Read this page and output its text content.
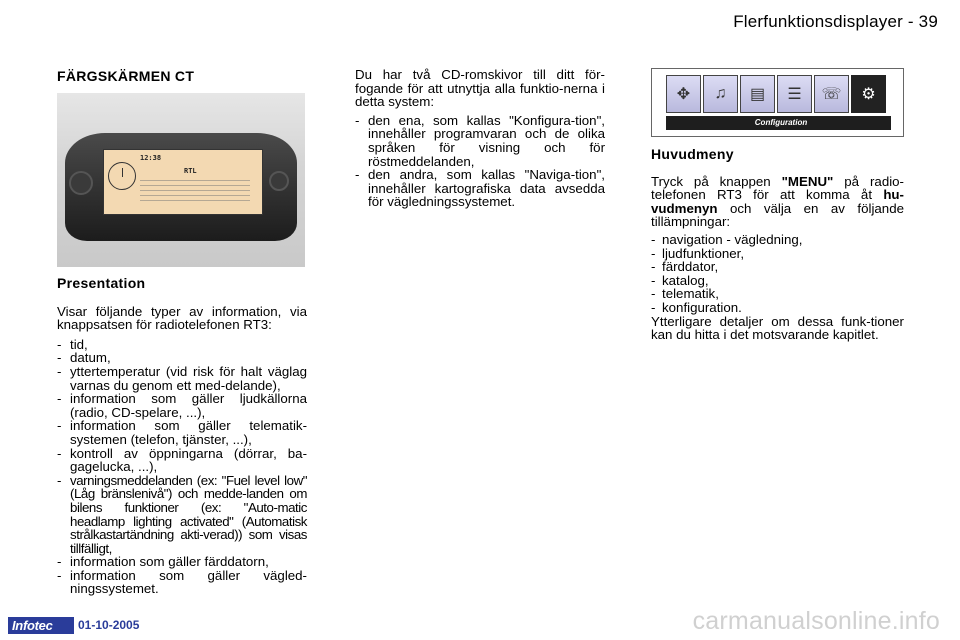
Flerfunktionsdisplayer - 39
FÄRGSKÄRMEN CT
12:38
RTL
Presentation

Visar följande typer av information, via knappsatsen för radiotelefonen RT3:

- tid,
- datum,
- yttertemperatur (vid risk för halt väglag varnas du genom ett med-delande),
- information som gäller ljudkällorna (radio, CD-spelare, ...),
- information som gäller telematik-systemen (telefon, tjänster, ...),
- kontroll av öppningarna (dörrar, ba-gagelucka, ...),
- varningsmeddelanden (ex: "Fuel level low" (Låg bränslenivå") och medde-landen om bilens funktioner (ex: "Auto-matic headlamp lighting activated" (Automatisk strålkastartändning akti-verad)) som visas tillfälligt,
- information som gäller färddatorn,
- information som gäller vägled-ningssystemet.

Du har två CD-romskivor till ditt för-fogande för att utnyttja alla funktio-nerna i detta system:

- den ena, som kallas "Konfigura-tion", innehåller programvaran och de olika språken för visning och för röstmeddelanden,
- den andra, som kallas "Naviga-tion", innehåller kartografiska data avsedda för vägledningssystemet.
✥	♫	▤	☰	☏	⚙
Configuration
Huvudmeny

Tryck på knappen "MENU" på radio-telefonen RT3 för att komma åt hu-vudmenyn och välja en av följande tillämpningar:

- navigation - vägledning,
- ljudfunktioner,
- färddator,
- katalog,
- telematik,
- konfiguration.

Ytterligare detaljer om dessa funk-tioner kan du hitta i det motsvarande kapitlet.

Infotec	01-10-2005	carmanualsonline.info
